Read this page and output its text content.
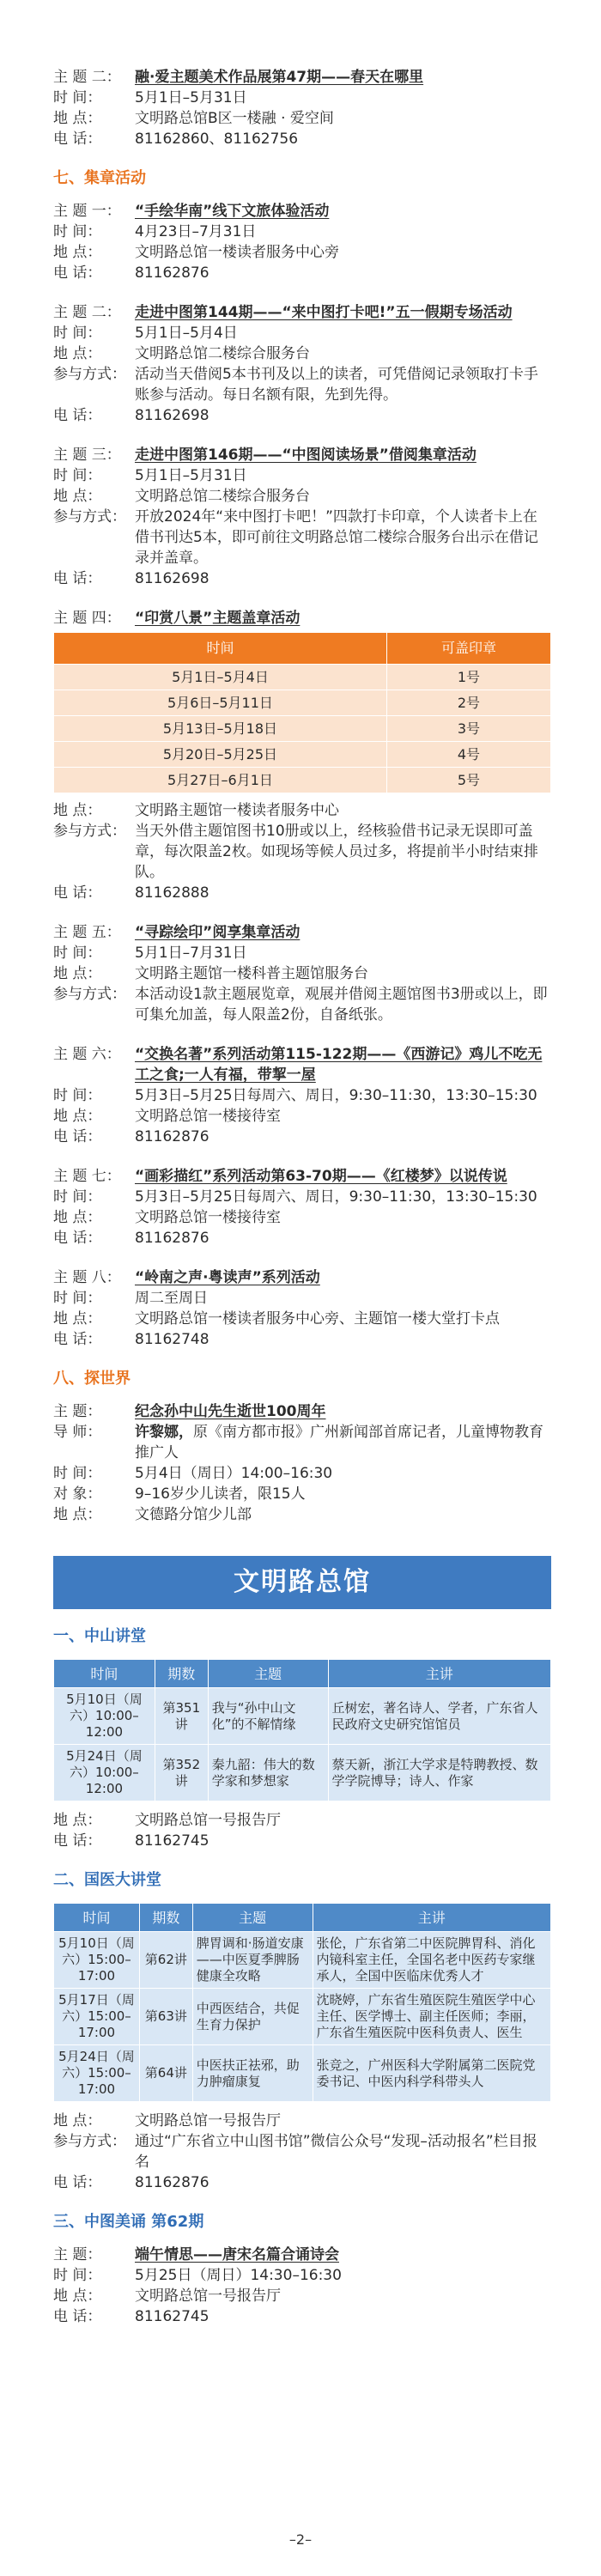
主 题 二： 融·爱主题美术作品展第47期——春天在哪里
时 间：	5月1日–5月31日
地 点：	文明路总馆B区一楼融 · 爱空间
电 话：	81162860、81162756
七、集章活动
主 题 一： “手绘华南”线下文旅体验活动
时 间：	4月23日–7月31日
地 点：	文明路总馆一楼读者服务中心旁
电 话：	81162876
主 题 二： 走进中图第144期——“来中图打卡吧!”五一假期专场活动
时 间：	5月1日–5月4日
地 点：	文明路总馆二楼综合服务台
参与方式： 活动当天借阅5本书刊及以上的读者，可凭借阅记录领取打卡手账参与活动。每日名额有限，先到先得。
电 话：	81162698
主 题 三： 走进中图第146期——“中图阅读场景”借阅集章活动
时 间：	5月1日–5月31日
地 点：	文明路总馆二楼综合服务台
参与方式： 开放2024年“来中图打卡吧！”四款打卡印章，个人读者卡上在借书刊达5本，即可前往文明路总馆二楼综合服务台出示在借记录并盖章。
电 话：	81162698
主 题 四： “印赏八景”主题盖章活动
时间	可盖印章
5月1日–5月4日	1号
5月6日–5月11日	2号
5月13日–5月18日	3号
5月20日–5月25日	4号
5月27日–6月1日	5号
地 点：	文明路主题馆一楼读者服务中心
参与方式： 当天外借主题馆图书10册或以上，经核验借书记录无误即可盖章，每次限盖2枚。如现场等候人员过多，将提前半小时结束排队。
电 话：	81162888
主 题 五： “寻踪绘印”阅享集章活动
时 间：	5月1日–7月31日
地 点：	文明路主题馆一楼科普主题馆服务台
参与方式： 本活动设1款主题展览章，观展并借阅主题馆图书3册或以上，即可集允加盖，每人限盖2份，自备纸张。
主 题 六： “交换名著”系列活动第115-122期——《西游记》鸡儿不吃无工之食;一人有福，带挈一屋
时 间：	5月3日–5月25日每周六、周日，9:30–11:30，13:30–15:30
地 点：	文明路总馆一楼接待室
电 话：	81162876
主 题 七： “画彩描红”系列活动第63-70期——《红楼梦》以说传说
时 间：	5月3日–5月25日每周六、周日，9:30–11:30，13:30–15:30
地 点：	文明路总馆一楼接待室
电 话：	81162876
主 题 八： “岭南之声·粤读声”系列活动
时 间：	周二至周日
地 点：	文明路总馆一楼读者服务中心旁、主题馆一楼大堂打卡点
电 话：	81162748
八、探世界
主 题：	纪念孙中山先生逝世100周年
导 师：	许黎娜，原《南方都市报》广州新闻部首席记者，儿童博物教育推广人
时 间：	5月4日（周日）14:00–16:30
对 象：	9–16岁少儿读者，限15人
地 点：	文德路分馆少儿部
文明路总馆
一、中山讲堂
时间	期数	主题	主讲
5月10日（周六）10:00–12:00	第351讲	我与“孙中山文化”的不解情缘	丘树宏，著名诗人、学者，广东省人民政府文史研究馆馆员
5月24日（周六）10:00–12:00	第352讲	秦九韶：伟大的数学家和梦想家	蔡天新，浙江大学求是特聘教授、数学学院博导；诗人、作家
地 点：	文明路总馆一号报告厅
电 话：	81162745
二、国医大讲堂
时间	期数	主题	主讲
5月10日（周六）15:00–17:00	第62讲	脾胃调和·肠道安康——中医夏季脾肠健康全攻略	张伦，广东省第二中医院脾胃科、消化内镜科室主任，全国名老中医药专家继承人，全国中医临床优秀人才
5月17日（周六）15:00–17:00	第63讲	中西医结合，共促生育力保护	沈晓婷，广东省生殖医院生殖医学中心主任、医学博士、副主任医师；李丽，广东省生殖医院中医科负责人、医生
5月24日（周六）15:00–17:00	第64讲	中医扶正祛邪，助力肿瘤康复	张竞之，广州医科大学附属第二医院党委书记、中医内科学科带头人
地 点：	文明路总馆一号报告厅
参与方式： 通过“广东省立中山图书馆”微信公众号“发现–活动报名”栏目报名
电 话：	81162876
三、中图美诵 第62期
主 题：	端午情思——唐宋名篇合诵诗会
时 间：	5月25日（周日）14:30–16:30
地 点：	文明路总馆一号报告厅
电 话：	81162745
–2–
